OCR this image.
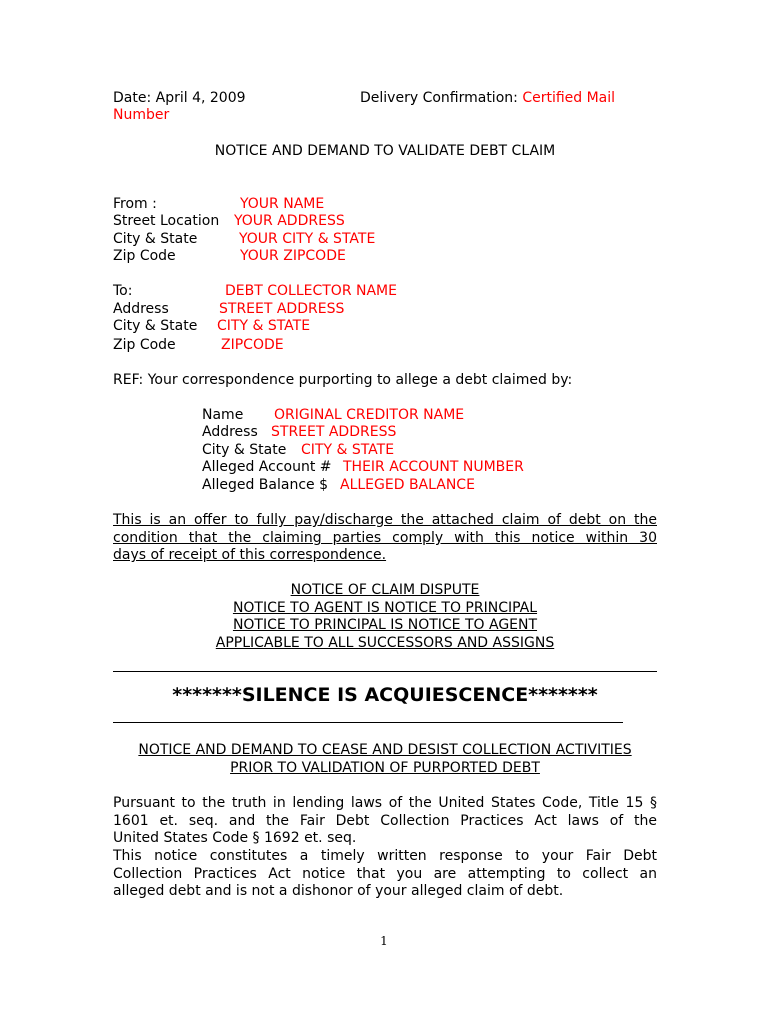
Date: April 4, 2009	Delivery Confirmation: Certified Mail
Number
NOTICE AND DEMAND TO VALIDATE DEBT CLAIM
From :	YOUR NAME
Street Location YOUR ADDRESS
City & State	YOUR CITY & STATE
Zip Code	YOUR ZIPCODE
To:	DEBT COLLECTOR NAME
Address	STREET ADDRESS
City & State CITY & STATE
Zip Code	ZIPCODE
REF: Your correspondence purporting to allege a debt claimed by:
Name ORIGINAL CREDITOR NAME
Address STREET ADDRESS
City & State CITY & STATE
Alleged Account # THEIR ACCOUNT NUMBER
Alleged Balance $ ALLEGED BALANCE
This is an offer to fully pay/discharge the attached claim of debt on the
condition that the claiming parties comply with this notice within 30
days of receipt of this correspondence.
NOTICE OF CLAIM DISPUTE
NOTICE TO AGENT IS NOTICE TO PRINCIPAL
NOTICE TO PRINCIPAL IS NOTICE TO AGENT
APPLICABLE TO ALL SUCCESSORS AND ASSIGNS
*******SILENCE IS ACQUIESCENCE*******
NOTICE AND DEMAND TO CEASE AND DESIST COLLECTION ACTIVITIES
PRIOR TO VALIDATION OF PURPORTED DEBT
Pursuant to the truth in lending laws of the United States Code, Title 15 §
1601 et. seq. and the Fair Debt Collection Practices Act laws of the
United States Code § 1692 et. seq.
This notice constitutes a timely written response to your Fair Debt
Collection Practices Act notice that you are attempting to collect an
alleged debt and is not a dishonor of your alleged claim of debt.
1
